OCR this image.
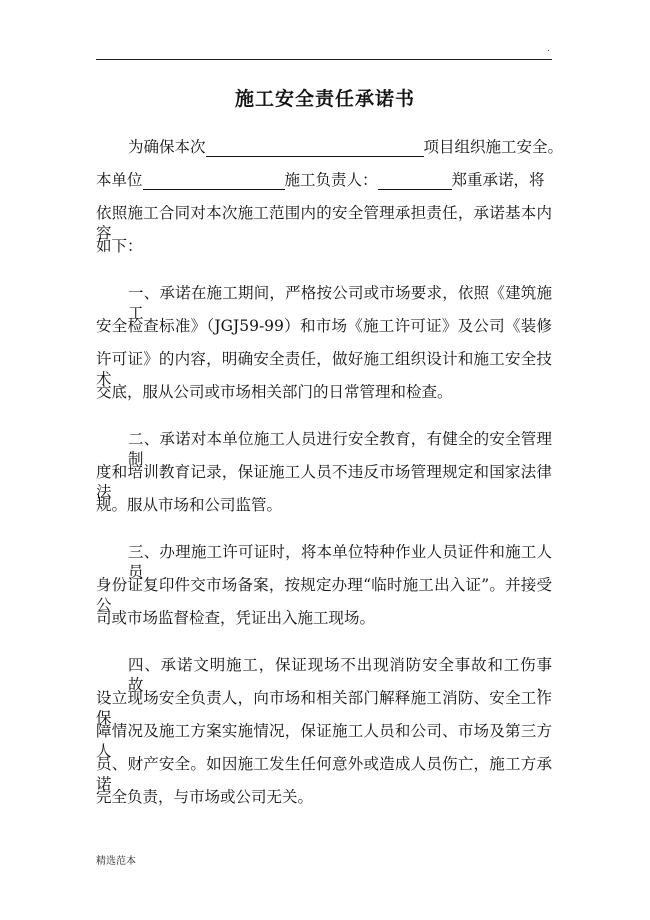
.
施工安全责任承诺书
为确保本次	项目组织施工安全。
本单位	施工负责人：	郑重承诺，将
依照施工合同对本次施工范围内的安全管理承担责任，承诺基本内容
如下：
一、承诺在施工期间，严格按公司或市场要求，依照《建筑施工
安全检查标准》（JGJ59-99）和市场《施工许可证》及公司《装修
许可证》的内容，明确安全责任，做好施工组织设计和施工安全技术
交底，服从公司或市场相关部门的日常管理和检查。
二、承诺对本单位施工人员进行安全教育，有健全的安全管理制
度和培训教育记录，保证施工人员不违反市场管理规定和国家法律法
规。服从市场和公司监管。
三、办理施工许可证时，将本单位特种作业人员证件和施工人员
身份证复印件交市场备案，按规定办理“临时施工出入证”。并接受公
司或市场监督检查，凭证出入施工现场。
四、承诺文明施工，保证现场不出现消防安全事故和工伤事故，
设立现场安全负责人，向市场和相关部门解释施工消防、安全工作保
障情况及施工方案实施情况，保证施工人员和公司、市场及第三方人
员、财产安全。如因施工发生任何意外或造成人员伤亡，施工方承诺
完全负责，与市场或公司无关。
精选范本
